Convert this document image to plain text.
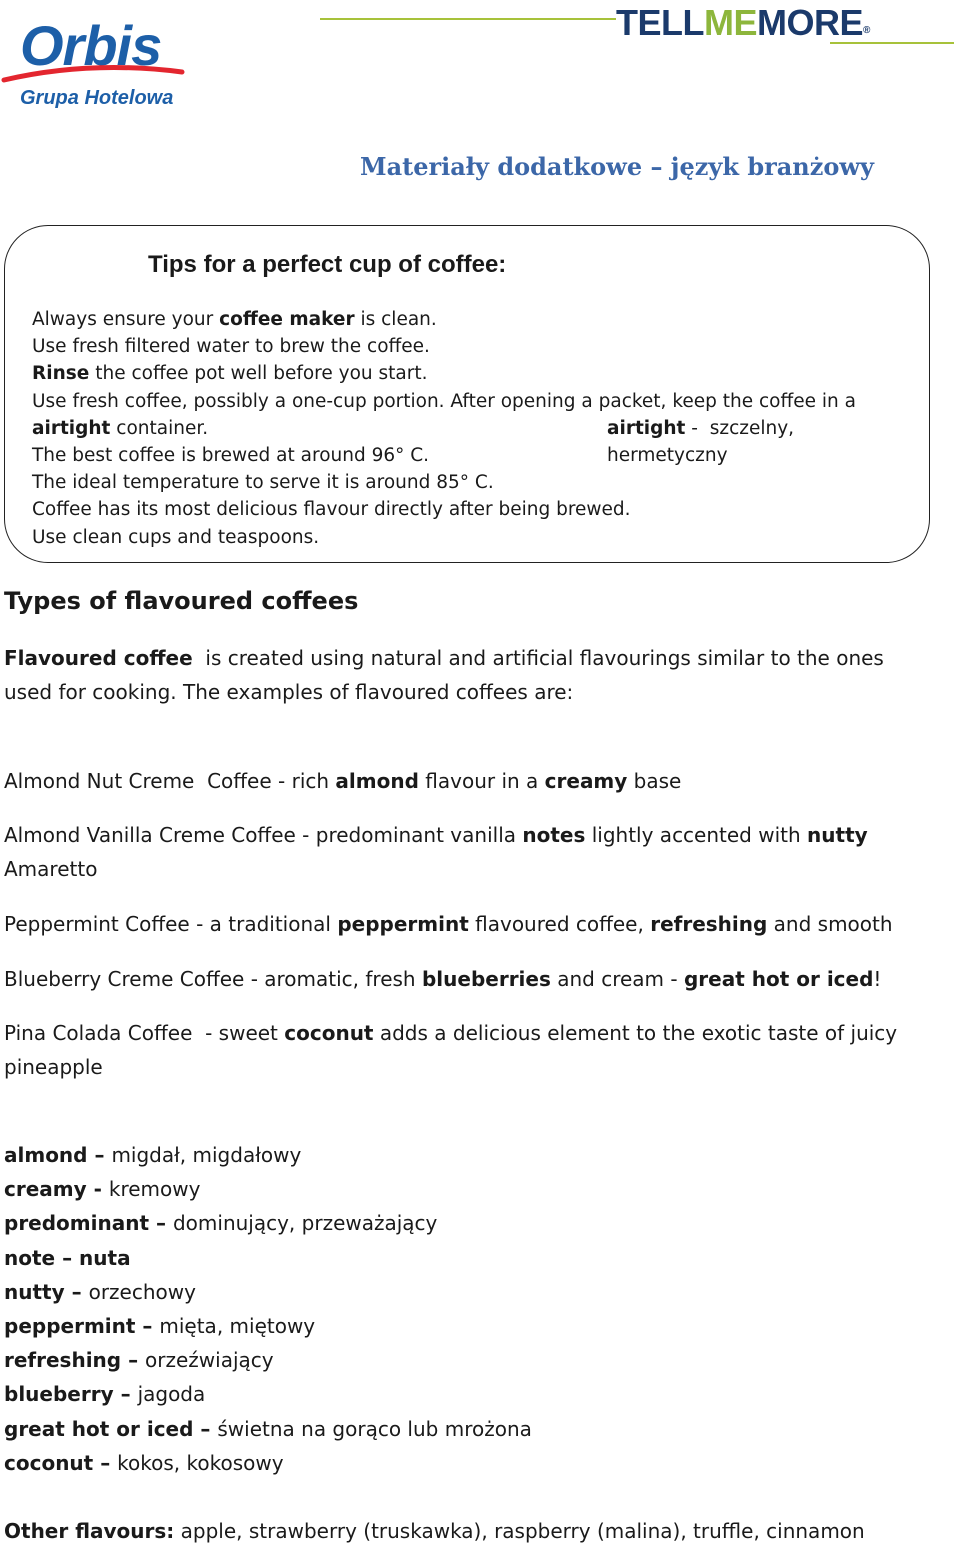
Orbis
Grupa Hotelowa
TELLMEMORE®
Materiały dodatkowe – język branżowy
Tips for a perfect cup of coffee:
Always ensure your coffee maker is clean.
Use fresh filtered water to brew the coffee.
Rinse the coffee pot well before you start.
Use fresh coffee, possibly a one-cup portion. After opening a packet, keep the coffee in a
airtight container.	airtight -  szczelny, hermetyczny
The best coffee is brewed at around 96° C.
The ideal temperature to serve it is around 85° C.
Coffee has its most delicious flavour directly after being brewed.
Use clean cups and teaspoons.
Types of flavoured coffees

Flavoured coffee  is created using natural and artificial flavourings similar to the ones used for cooking. The examples of flavoured coffees are:

Almond Nut Creme  Coffee - rich almond flavour in a creamy base

Almond Vanilla Creme Coffee - predominant vanilla notes lightly accented with nutty Amaretto

Peppermint Coffee - a traditional peppermint flavoured coffee, refreshing and smooth

Blueberry Creme Coffee - aromatic, fresh blueberries and cream - great hot or iced!

Pina Colada Coffee  - sweet coconut adds a delicious element to the exotic taste of juicy pineapple

almond – migdał, migdałowy
creamy - kremowy
predominant – dominujący, przeważający
note – nuta
nutty – orzechowy
peppermint – mięta, miętowy
refreshing – orzeźwiający
blueberry – jagoda
great hot or iced – świetna na gorąco lub mrożona
coconut – kokos, kokosowy

Other flavours: apple, strawberry (truskawka), raspberry (malina), truffle, cinnamon
